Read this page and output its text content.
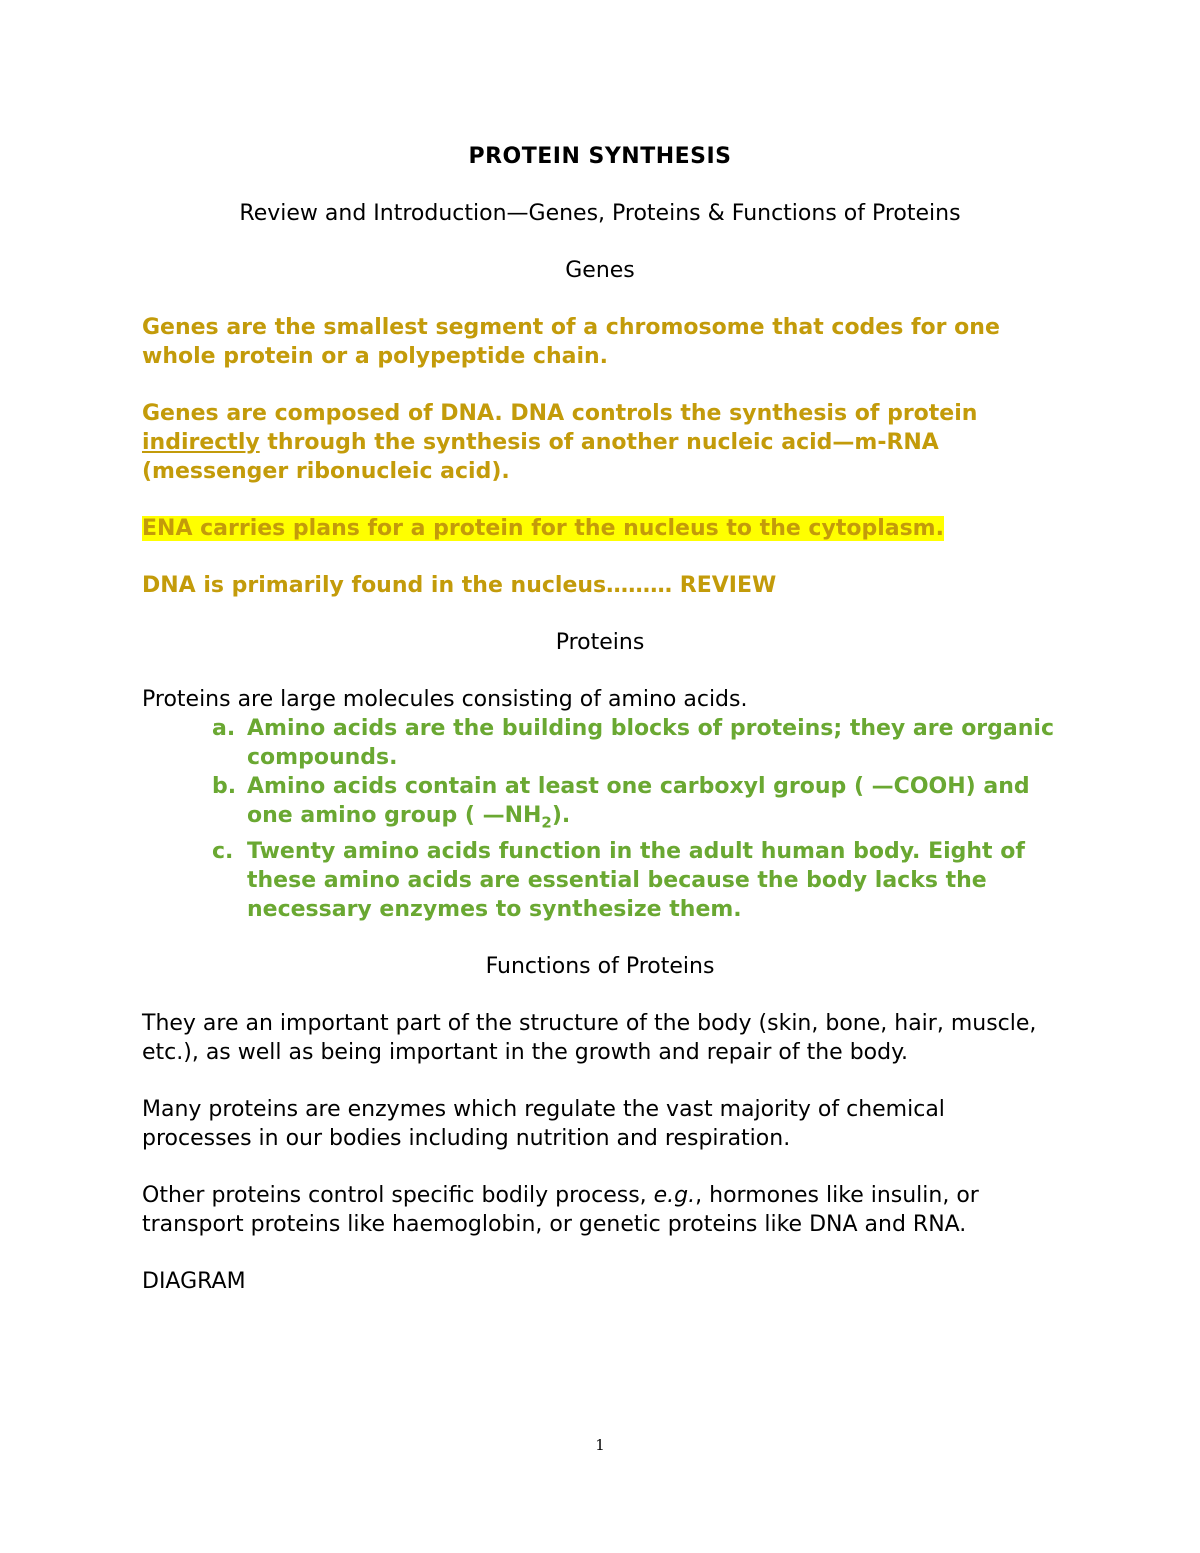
PROTEIN SYNTHESIS

Review and Introduction—Genes, Proteins & Functions of Proteins

Genes

Genes are the smallest segment of a chromosome that codes for one whole protein or a polypeptide chain.

Genes are composed of DNA. DNA controls the synthesis of protein indirectly through the synthesis of another nucleic acid—m-RNA (messenger ribonucleic acid).

ENA carries plans for a protein for the nucleus to the cytoplasm.

DNA is primarily found in the nucleus……… REVIEW

Proteins

Proteins are large molecules consisting of amino acids.

a. Amino acids are the building blocks of proteins; they are organic compounds.
b. Amino acids contain at least one carboxyl group ( —COOH) and one amino group ( $—NH_2$).
c. Twenty amino acids function in the adult human body. Eight of these amino acids are essential because the body lacks the necessary enzymes to synthesize them.

Functions of Proteins

They are an important part of the structure of the body (skin, bone, hair, muscle, etc.), as well as being important in the growth and repair of the body.

Many proteins are enzymes which regulate the vast majority of chemical processes in our bodies including nutrition and respiration.

Other proteins control specific bodily process, e.g., hormones like insulin, or transport proteins like haemoglobin, or genetic proteins like DNA and RNA.

DIAGRAM

1
